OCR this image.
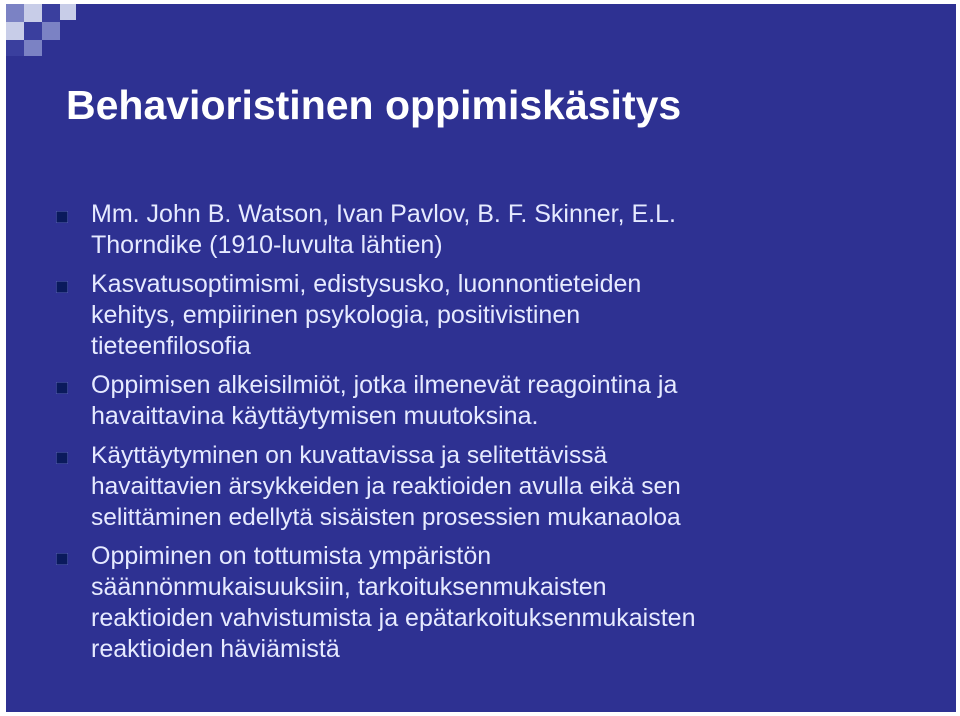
Behavioristinen oppimiskäsitys
Mm. John B. Watson, Ivan Pavlov, B. F. Skinner, E.L.
Thorndike (1910-luvulta lähtien)
Kasvatusoptimismi, edistysusko, luonnontieteiden
kehitys, empiirinen psykologia, positivistinen
tieteenfilosofia
Oppimisen alkeisilmiöt, jotka ilmenevät reagointina ja
havaittavina käyttäytymisen muutoksina.
Käyttäytyminen on kuvattavissa ja selitettävissä
havaittavien ärsykkeiden ja reaktioiden avulla eikä sen
selittäminen edellytä sisäisten prosessien mukanaoloa
Oppiminen on tottumista ympäristön
säännönmukaisuuksiin, tarkoituksenmukaisten
reaktioiden vahvistumista ja epätarkoituksenmukaisten
reaktioiden häviämistä
